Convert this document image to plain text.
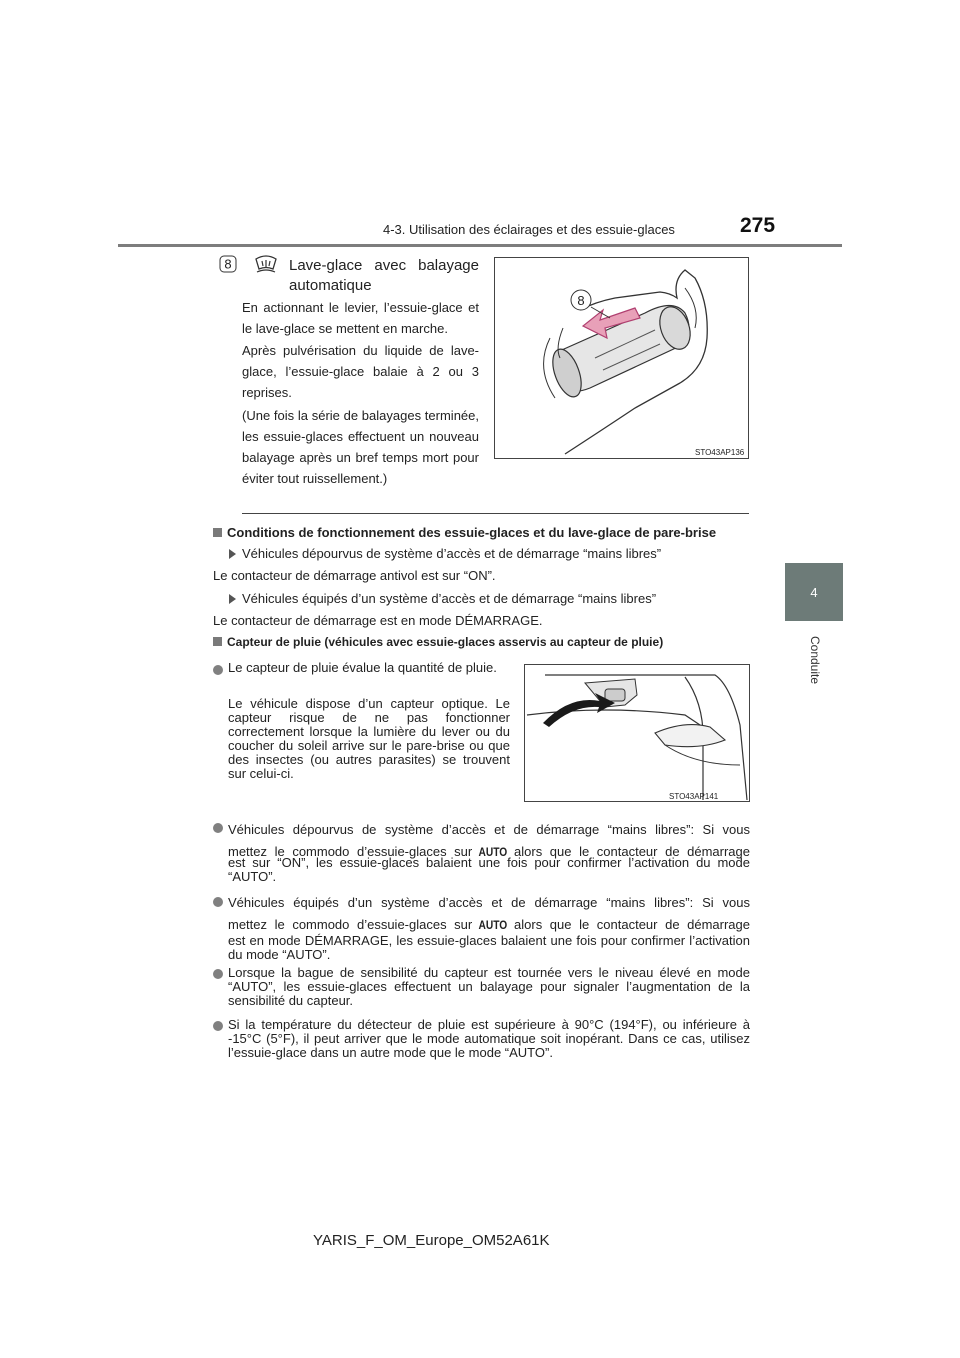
4-3. Utilisation des éclairages et des essuie-glaces	275
4
Conduite
8	Lave-glace avec balayage automatique
En actionnant le levier, l’essuie-glace et le lave-glace se mettent en marche.
Après pulvérisation du liquide de lave-glace, l’essuie-glace balaie à 2 ou 3 reprises.
(Une fois la série de balayages terminée, les essuie-glaces effectuent un nouveau balayage après un bref temps mort pour éviter tout ruissellement.)
8
STO43AP136
Conditions de fonctionnement des essuie-glaces et du lave-glace de pare-brise
Véhicules dépourvus de système d’accès et de démarrage “mains libres”
Le contacteur de démarrage antivol est sur “ON”.
Véhicules équipés d’un système d’accès et de démarrage “mains libres”
Le contacteur de démarrage est en mode DÉMARRAGE.
Capteur de pluie (véhicules avec essuie-glaces asservis au capteur de pluie)
Le capteur de pluie évalue la quantité de pluie.
Le véhicule dispose d’un capteur optique. Le capteur risque de ne pas fonctionner correctement lorsque la lumière du lever ou du coucher du soleil arrive sur le pare-brise ou que des insectes (ou autres parasites) se trouvent sur celui-ci.
STO43AP141
Véhicules dépourvus de système d’accès et de démarrage “mains libres”: Si vous
mettez le commodo d’essuie-glaces sur AUTO alors que le contacteur de démarrage
est sur “ON”, les essuie-glaces balaient une fois pour confirmer l’activation du mode “AUTO”.
Véhicules équipés d’un système d’accès et de démarrage “mains libres”: Si vous
mettez le commodo d’essuie-glaces sur AUTO alors que le contacteur de démarrage
est en mode DÉMARRAGE, les essuie-glaces balaient une fois pour confirmer l’activation du mode “AUTO”.
Lorsque la bague de sensibilité du capteur est tournée vers le niveau élevé en mode “AUTO”, les essuie-glaces effectuent un balayage pour signaler l’augmentation de la sensibilité du capteur.
Si la température du détecteur de pluie est supérieure à 90°C (194°F), ou inférieure à -15°C (5°F), il peut arriver que le mode automatique soit inopérant. Dans ce cas, utilisez l’essuie-glace dans un autre mode que le mode “AUTO”.
YARIS_F_OM_Europe_OM52A61K
